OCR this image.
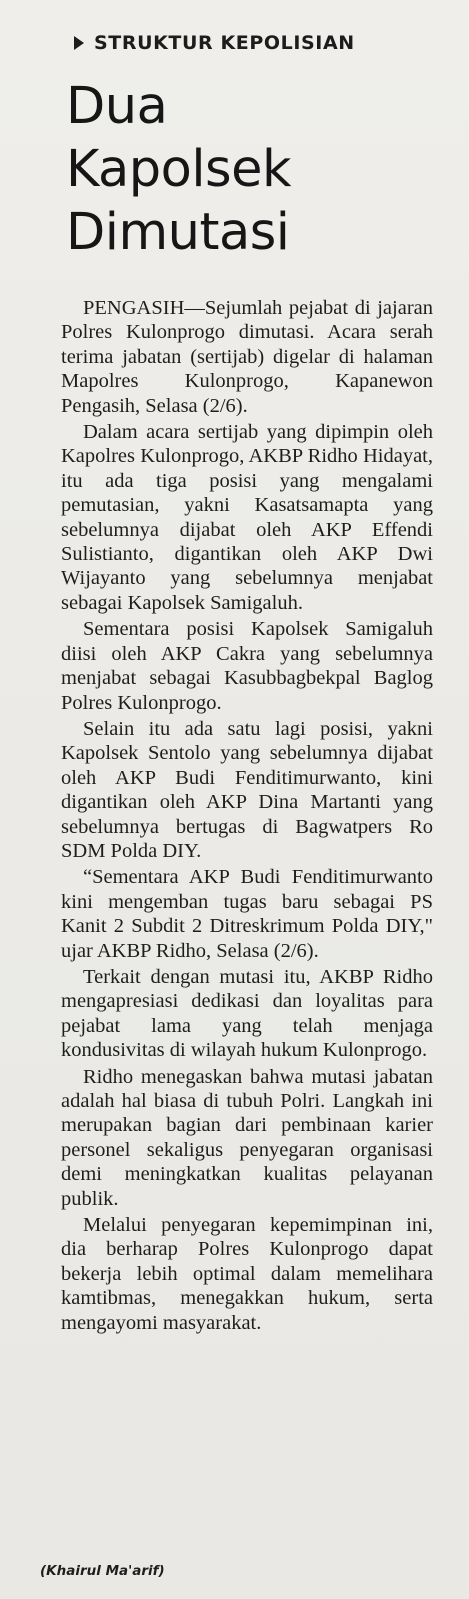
STRUKTUR KEPOLISIAN
Dua
Kapolsek
Dimutasi

PENGASIH—Sejumlah pejabat di jajaran Polres Kulonprogo dimutasi. Acara serah terima jabatan (sertijab) digelar di halaman Mapolres Kulonprogo, Kapanewon Pengasih, Selasa (2/6).

Dalam acara sertijab yang dipimpin oleh Kapolres Kulonprogo, AKBP Ridho Hidayat, itu ada tiga posisi yang mengalami pemutasian, yakni Kasatsamapta yang sebelumnya dijabat oleh AKP Effendi Sulistianto, digantikan oleh AKP Dwi Wijayanto yang sebelumnya menjabat sebagai Kapolsek Samigaluh.

Sementara posisi Kapolsek Samigaluh diisi oleh AKP Cakra yang sebelumnya menjabat sebagai Kasubbagbekpal Baglog Polres Kulonprogo.

Selain itu ada satu lagi posisi, yakni Kapolsek Sentolo yang sebelumnya dijabat oleh AKP Budi Fenditimurwanto, kini digantikan oleh AKP Dina Martanti yang sebelumnya bertugas di Bagwatpers Ro SDM Polda DIY.

“Sementara AKP Budi Fenditimurwanto kini mengemban tugas baru sebagai PS Kanit 2 Subdit 2 Ditreskrimum Polda DIY," ujar AKBP Ridho, Selasa (2/6).

Terkait dengan mutasi itu, AKBP Ridho mengapresiasi dedikasi dan loyalitas para pejabat lama yang telah menjaga kondusivitas di wilayah hukum Kulonprogo.

Ridho menegaskan bahwa mutasi jabatan adalah hal biasa di tubuh Polri. Langkah ini merupakan bagian dari pembinaan karier personel sekaligus penyegaran organisasi demi meningkatkan kualitas pelayanan publik.

Melalui penyegaran kepemimpinan ini, dia berharap Polres Kulonprogo dapat bekerja lebih optimal dalam memelihara kamtibmas, menegakkan hukum, serta mengayomi masyarakat.

(Khairul Ma'arif)
